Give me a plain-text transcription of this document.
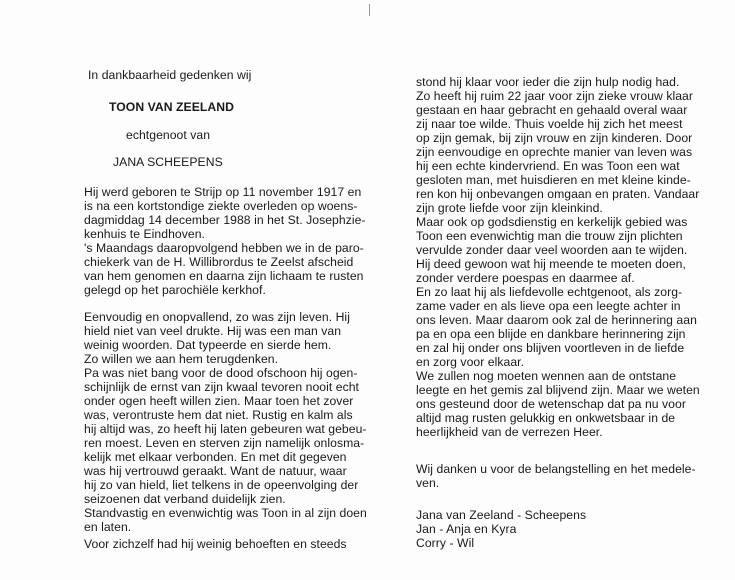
In dankbaarheid gedenken wij
TOON VAN ZEELAND
echtgenoot van
JANA SCHEEPENS
Hij werd geboren te Strijp op 11 november 1917 en
is na een kortstondige ziekte overleden op woens-
dagmiddag 14 december 1988 in het St. Josephzie-
kenhuis te Eindhoven.
's Maandags daaropvolgend hebben we in de paro-
chiekerk van de H. Willibrordus te Zeelst afscheid
van hem genomen en daarna zijn lichaam te rusten
gelegd op het parochiële kerkhof.
Eenvoudig en onopvallend, zo was zijn leven. Hij
hield niet van veel drukte. Hij was een man van
weinig woorden. Dat typeerde en sierde hem.
Zo willen we aan hem terugdenken.
Pa was niet bang voor de dood ofschoon hij ogen-
schijnlijk de ernst van zijn kwaal tevoren nooit echt
onder ogen heeft willen zien. Maar toen het zover
was, verontruste hem dat niet. Rustig en kalm als
hij altijd was, zo heeft hij laten gebeuren wat gebeu-
ren moest. Leven en sterven zijn namelijk onlosma-
kelijk met elkaar verbonden. En met dit gegeven
was hij vertrouwd geraakt. Want de natuur, waar
hij zo van hield, liet telkens in de opeenvolging der
seizoenen dat verband duidelijk zien.
Standvastig en evenwichtig was Toon in al zijn doen
en laten.
Voor zichzelf had hij weinig behoeften en steeds
stond hij klaar voor ieder die zijn hulp nodig had.
Zo heeft hij ruim 22 jaar voor zijn zieke vrouw klaar
gestaan en haar gebracht en gehaald overal waar
zij naar toe wilde. Thuis voelde hij zich het meest
op zijn gemak, bij zijn vrouw en zijn kinderen. Door
zijn eenvoudige en oprechte manier van leven was
hij een echte kindervriend. En was Toon een wat
gesloten man, met huisdieren en met kleine kinde-
ren kon hij onbevangen omgaan en praten. Vandaar
zijn grote liefde voor zijn kleinkind.
Maar ook op godsdienstig en kerkelijk gebied was
Toon een evenwichtig man die trouw zijn plichten
vervulde zonder daar veel woorden aan te wijden.
Hij deed gewoon wat hij meende te moeten doen,
zonder verdere poespas en daarmee af.
En zo laat hij als liefdevolle echtgenoot, als zorg-
zame vader en als lieve opa een leegte achter in
ons leven. Maar daarom ook zal de herinnering aan
pa en opa een blijde en dankbare herinnering zijn
en zal hij onder ons blijven voortleven in de liefde
en zorg voor elkaar.
We zullen nog moeten wennen aan de ontstane
leegte en het gemis zal blijvend zijn. Maar we weten
ons gesteund door de wetenschap dat pa nu voor
altijd mag rusten gelukkig en onkwetsbaar in de
heerlijkheid van de verrezen Heer.
Wij danken u voor de belangstelling en het medele-
ven.
Jana van Zeeland - Scheepens
Jan - Anja en Kyra
Corry - Wil
